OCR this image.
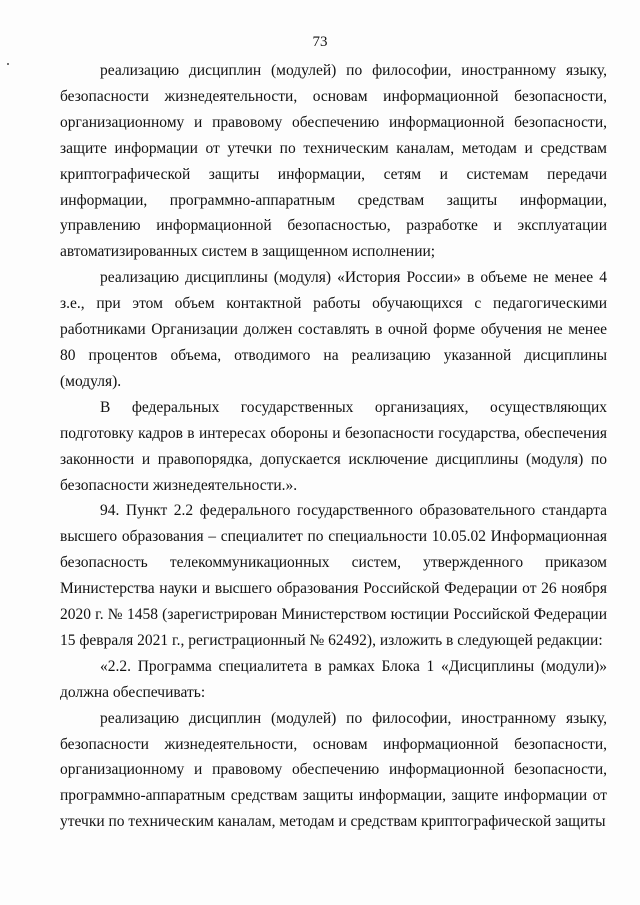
73

реализацию дисциплин (модулей) по философии, иностранному языку, безопасности жизнедеятельности, основам информационной безопасности, организационному и правовому обеспечению информационной безопасности, защите информации от утечки по техническим каналам, методам и средствам криптографической защиты информации, сетям и системам передачи информации, программно-аппаратным средствам защиты информации, управлению информационной безопасностью, разработке и эксплуатации автоматизированных систем в защищенном исполнении;

реализацию дисциплины (модуля) «История России» в объеме не менее 4 з.е., при этом объем контактной работы обучающихся с педагогическими работниками Организации должен составлять в очной форме обучения не менее 80 процентов объема, отводимого на реализацию указанной дисциплины (модуля).

В федеральных государственных организациях, осуществляющих подготовку кадров в интересах обороны и безопасности государства, обеспечения законности и правопорядка, допускается исключение дисциплины (модуля) по безопасности жизнедеятельности.».

94. Пункт 2.2 федерального государственного образовательного стандарта высшего образования – специалитет по специальности 10.05.02 Информационная безопасность телекоммуникационных систем, утвержденного приказом Министерства науки и высшего образования Российской Федерации от 26 ноября 2020 г. № 1458 (зарегистрирован Министерством юстиции Российской Федерации 15 февраля 2021 г., регистрационный № 62492), изложить в следующей редакции:

«2.2. Программа специалитета в рамках Блока 1 «Дисциплины (модули)» должна обеспечивать:

реализацию дисциплин (модулей) по философии, иностранному языку, безопасности жизнедеятельности, основам информационной безопасности, организационному и правовому обеспечению информационной безопасности, программно-аппаратным средствам защиты информации, защите информации от утечки по техническим каналам, методам и средствам криптографической защиты
